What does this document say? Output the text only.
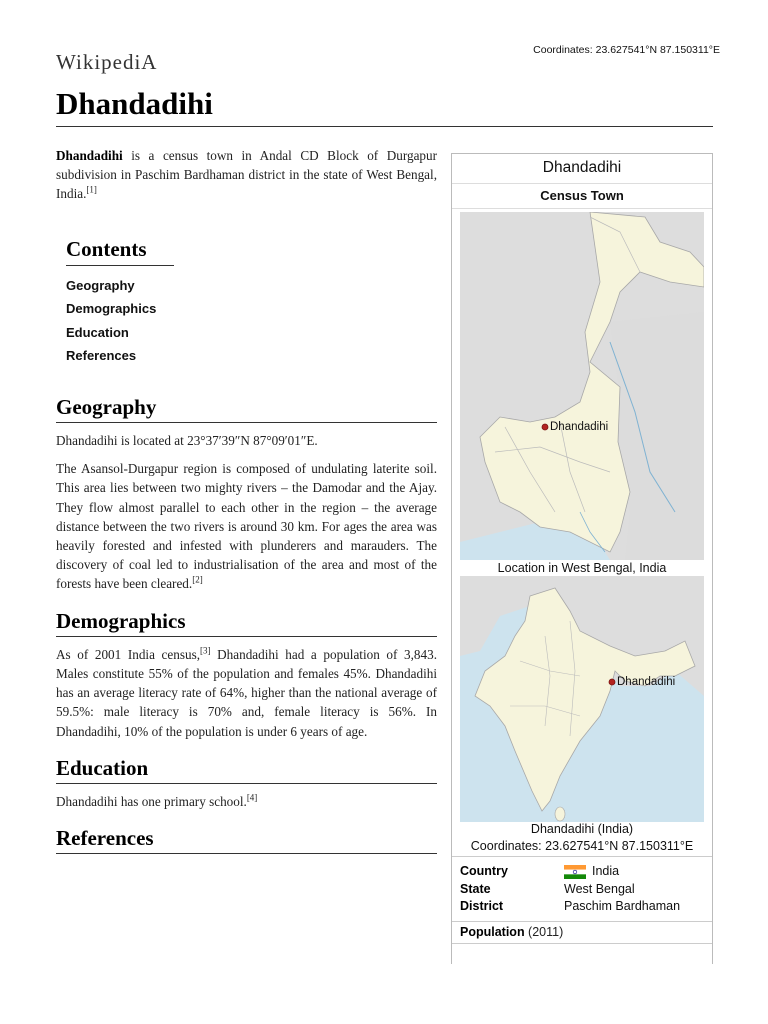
WikipediA	Coordinates: 23.627541°N 87.150311°E
Dhandadihi

Dhandadihi is a census town in Andal CD Block of Durgapur subdivision in Paschim Bardhaman district in the state of West Bengal, India.[1]

Contents
Geography
Demographics
Education
References
Geography

Dhandadihi is located at 23°37′39″N 87°09′01″E.

The Asansol-Durgapur region is composed of undulating laterite soil. This area lies between two mighty rivers – the Damodar and the Ajay. They flow almost parallel to each other in the region – the average distance between the two rivers is around 30 km. For ages the area was heavily forested and infested with plunderers and marauders. The discovery of coal led to industrialisation of the area and most of the forests have been cleared.[2]

Demographics

As of 2001 India census,[3] Dhandadihi had a population of 3,843. Males constitute 55% of the population and females 45%. Dhandadihi has an average literacy rate of 64%, higher than the national average of 59.5%: male literacy is 70% and, female literacy is 56%. In Dhandadihi, 10% of the population is under 6 years of age.

Education

Dhandadihi has one primary school.[4]

References
Dhandadihi
Census Town
Dhandadihi
Location in West Bengal, India
Dhandadihi
Dhandadihi (India)
Coordinates: 23.627541°N 87.150311°E
Country	India
State	West Bengal
District	Paschim Bardhaman
Population (2011)
